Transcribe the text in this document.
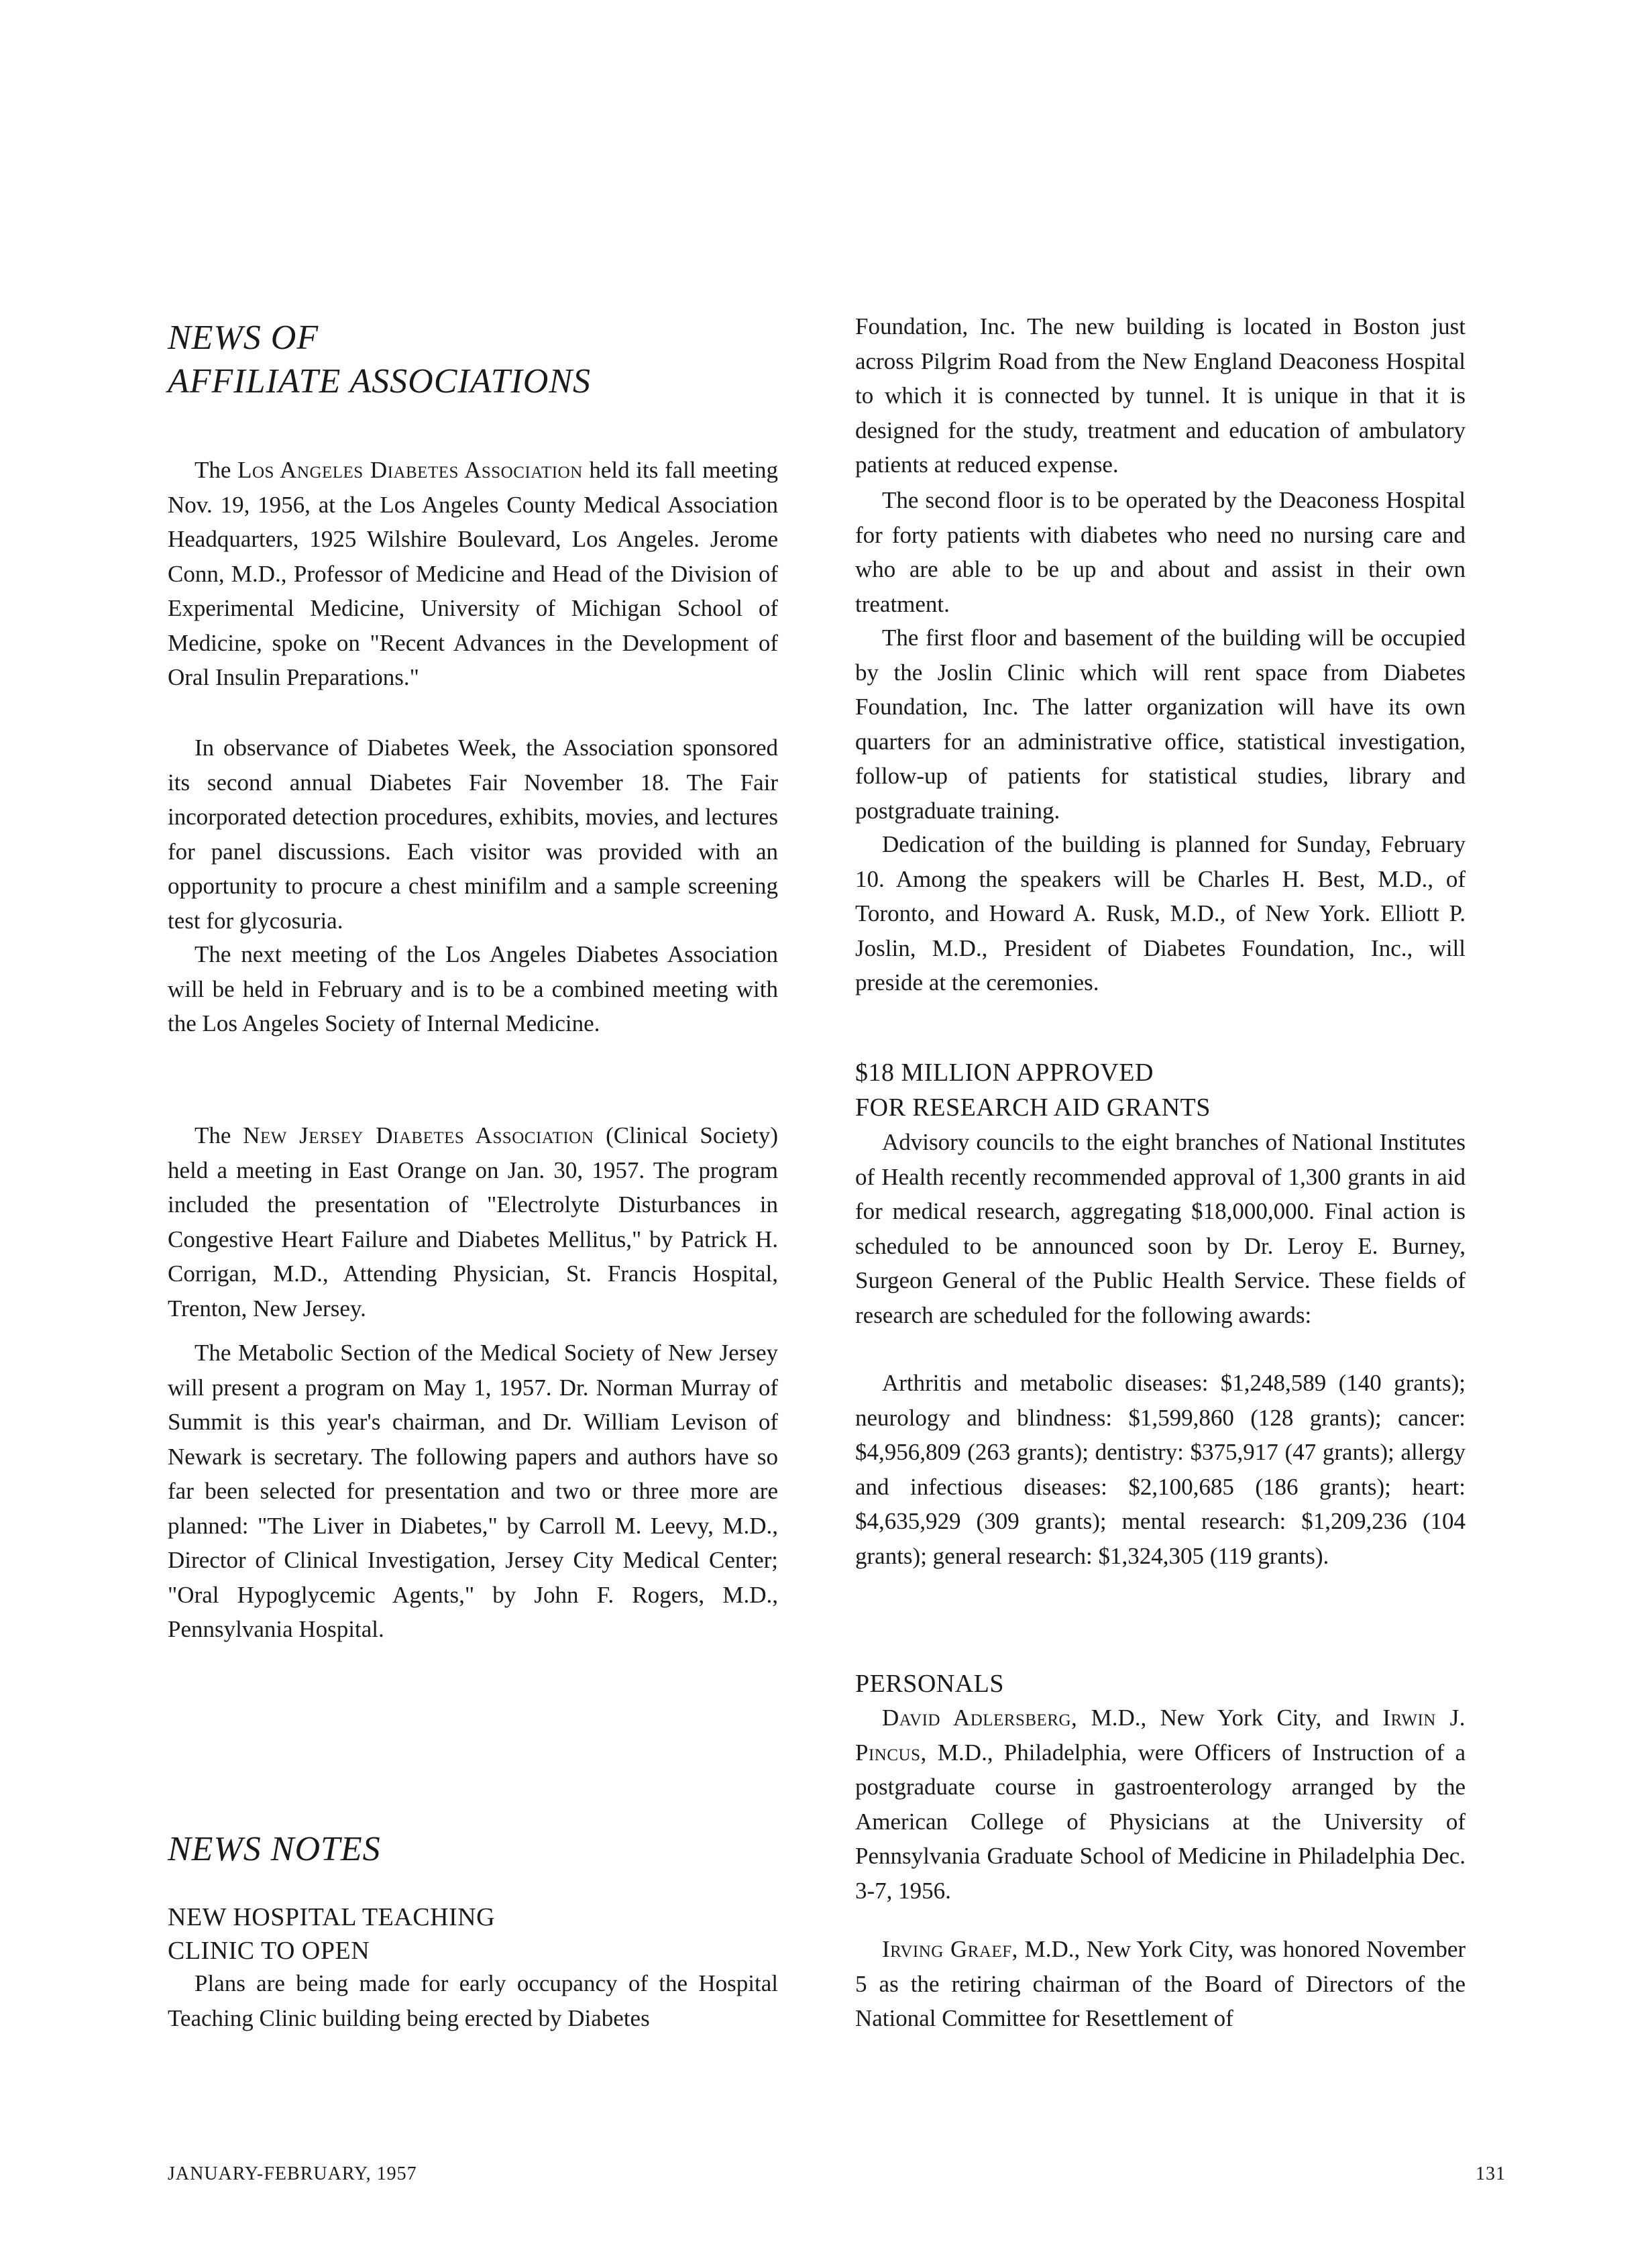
NEWS OF
AFFILIATE ASSOCIATIONS

The Los Angeles Diabetes Association held its fall meeting Nov. 19, 1956, at the Los Angeles County Medical Association Headquarters, 1925 Wilshire Boulevard, Los Angeles. Jerome Conn, M.D., Professor of Medicine and Head of the Division of Experimental Medicine, University of Michigan School of Medicine, spoke on "Recent Advances in the Development of Oral Insulin Preparations."

In observance of Diabetes Week, the Association sponsored its second annual Diabetes Fair November 18. The Fair incorporated detection procedures, exhibits, movies, and lectures for panel discussions. Each visitor was provided with an opportunity to procure a chest minifilm and a sample screening test for glycosuria.

The next meeting of the Los Angeles Diabetes Association will be held in February and is to be a combined meeting with the Los Angeles Society of Internal Medicine.

The New Jersey Diabetes Association (Clinical Society) held a meeting in East Orange on Jan. 30, 1957. The program included the presentation of "Electrolyte Disturbances in Congestive Heart Failure and Diabetes Mellitus," by Patrick H. Corrigan, M.D., Attending Physician, St. Francis Hospital, Trenton, New Jersey.

The Metabolic Section of the Medical Society of New Jersey will present a program on May 1, 1957. Dr. Norman Murray of Summit is this year's chairman, and Dr. William Levison of Newark is secretary. The following papers and authors have so far been selected for presentation and two or three more are planned: "The Liver in Diabetes," by Carroll M. Leevy, M.D., Director of Clinical Investigation, Jersey City Medical Center; "Oral Hypoglycemic Agents," by John F. Rogers, M.D., Pennsylvania Hospital.

NEWS NOTES
NEW HOSPITAL TEACHING
CLINIC TO OPEN

Plans are being made for early occupancy of the Hospital Teaching Clinic building being erected by Diabetes

Foundation, Inc. The new building is located in Boston just across Pilgrim Road from the New England Deaconess Hospital to which it is connected by tunnel. It is unique in that it is designed for the study, treatment and education of ambulatory patients at reduced expense.

The second floor is to be operated by the Deaconess Hospital for forty patients with diabetes who need no nursing care and who are able to be up and about and assist in their own treatment.

The first floor and basement of the building will be occupied by the Joslin Clinic which will rent space from Diabetes Foundation, Inc. The latter organization will have its own quarters for an administrative office, statistical investigation, follow-up of patients for statistical studies, library and postgraduate training.

Dedication of the building is planned for Sunday, February 10. Among the speakers will be Charles H. Best, M.D., of Toronto, and Howard A. Rusk, M.D., of New York. Elliott P. Joslin, M.D., President of Diabetes Foundation, Inc., will preside at the ceremonies.

$18 MILLION APPROVED
FOR RESEARCH AID GRANTS

Advisory councils to the eight branches of National Institutes of Health recently recommended approval of 1,300 grants in aid for medical research, aggregating $18,000,000. Final action is scheduled to be announced soon by Dr. Leroy E. Burney, Surgeon General of the Public Health Service. These fields of research are scheduled for the following awards:

Arthritis and metabolic diseases: $1,248,589 (140 grants); neurology and blindness: $1,599,860 (128 grants); cancer: $4,956,809 (263 grants); dentistry: $375,917 (47 grants); allergy and infectious diseases: $2,100,685 (186 grants); heart: $4,635,929 (309 grants); mental research: $1,209,236 (104 grants); general research: $1,324,305 (119 grants).

PERSONALS

David Adlersberg, M.D., New York City, and Irwin J. Pincus, M.D., Philadelphia, were Officers of Instruction of a postgraduate course in gastroenterology arranged by the American College of Physicians at the University of Pennsylvania Graduate School of Medicine in Philadelphia Dec. 3-7, 1956.

Irving Graef, M.D., New York City, was honored November 5 as the retiring chairman of the Board of Directors of the National Committee for Resettlement of

JANUARY-FEBRUARY, 1957	131
